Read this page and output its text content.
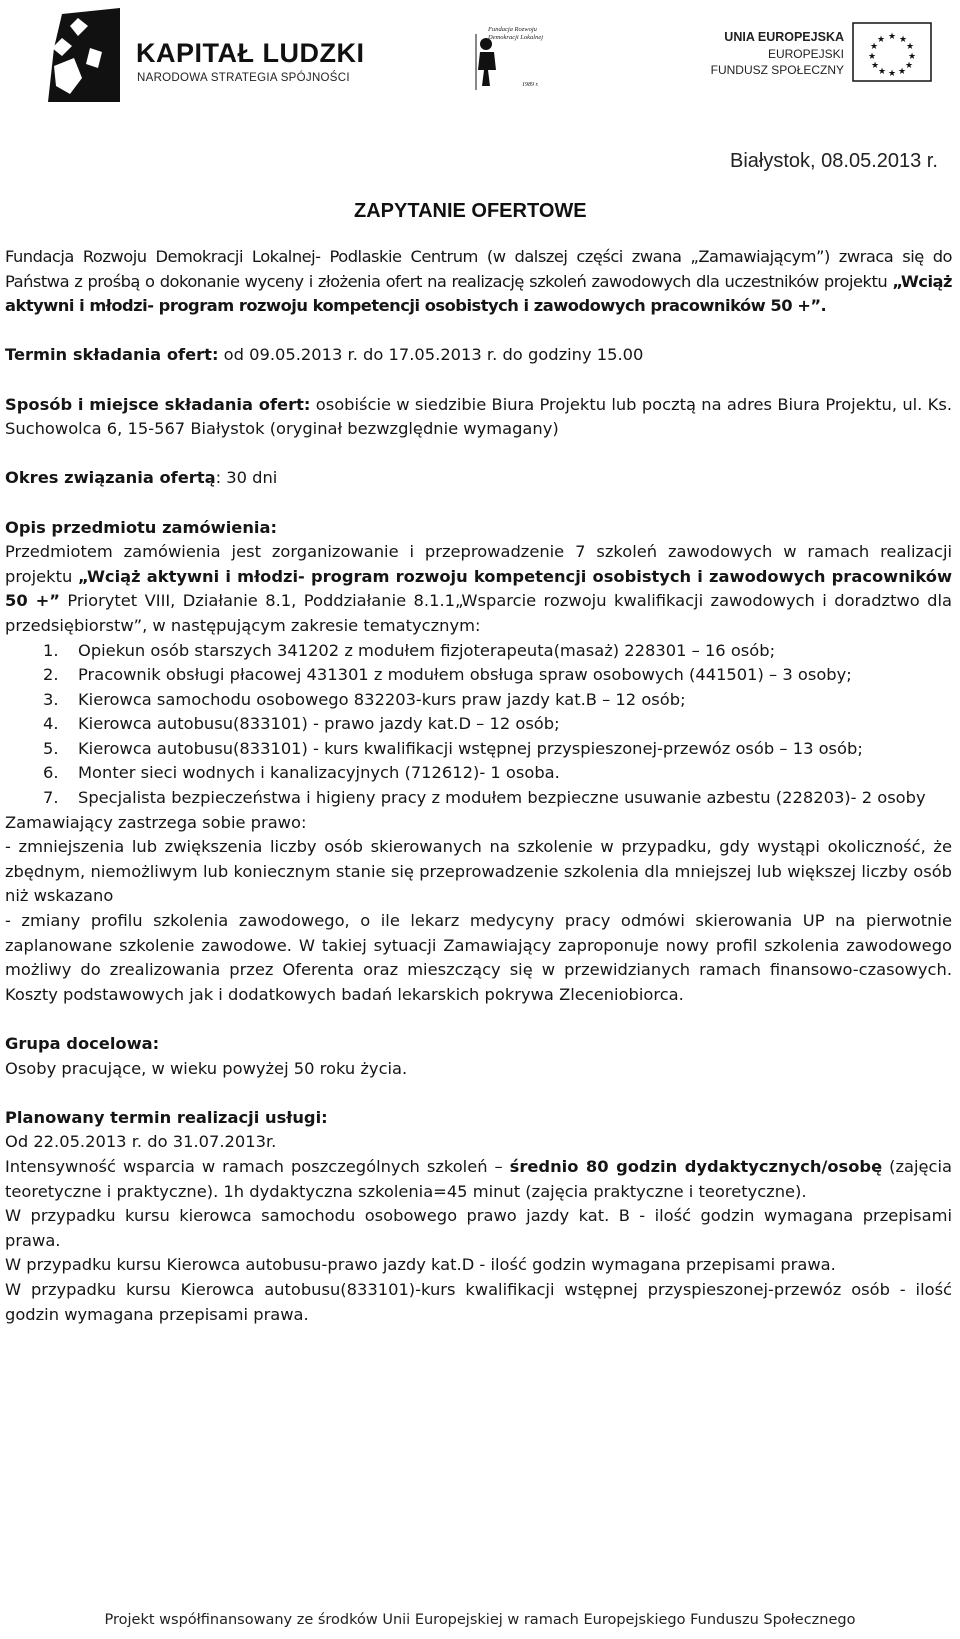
KAPITAŁ LUDZKI
NARODOWA STRATEGIA SPÓJNOŚCI
Fundacja Rozwoju
Demokracji Lokalnej
1989 r.
UNIA EUROPEJSKA
EUROPEJSKI
FUNDUSZ SPOŁECZNY
★ ★
★
★
★
★
★
★
★
★
★
★
Białystok, 08.05.2013 r.
ZAPYTANIE OFERTOWE

Fundacja Rozwoju Demokracji Lokalnej- Podlaskie Centrum (w dalszej części zwana „Zamawiającym”) zwraca się do Państwa z prośbą o dokonanie wyceny i złożenia ofert na realizację szkoleń zawodowych dla uczestników projektu „Wciąż aktywni i młodzi- program rozwoju kompetencji osobistych i zawodowych pracowników 50 +”.

Termin składania ofert: od 09.05.2013 r. do 17.05.2013 r. do godziny 15.00

Sposób i miejsce składania ofert: osobiście w siedzibie Biura Projektu lub pocztą na adres Biura Projektu, ul. Ks. Suchowolca 6, 15-567 Białystok (oryginał bezwzględnie wymagany)

Okres związania ofertą: 30 dni

Opis przedmiotu zamówienia:

Przedmiotem zamówienia jest zorganizowanie i przeprowadzenie 7 szkoleń zawodowych w ramach realizacji projektu „Wciąż aktywni i młodzi- program rozwoju kompetencji osobistych i zawodowych pracowników 50 +” Priorytet VIII, Działanie 8.1, Poddziałanie 8.1.1„Wsparcie rozwoju kwalifikacji zawodowych i doradztwo dla przedsiębiorstw”, w następującym zakresie tematycznym:

1. Opiekun osób starszych 341202 z modułem fizjoterapeuta(masaż) 228301 – 16 osób;
2. Pracownik obsługi płacowej 431301 z modułem obsługa spraw osobowych (441501) – 3 osoby;
3. Kierowca samochodu osobowego 832203-kurs praw jazdy kat.B – 12 osób;
4. Kierowca autobusu(833101) - prawo jazdy kat.D – 12 osób;
5. Kierowca autobusu(833101) - kurs kwalifikacji wstępnej przyspieszonej-przewóz osób – 13 osób;
6. Monter sieci wodnych i kanalizacyjnych (712612)- 1 osoba.
7. Specjalista bezpieczeństwa i higieny pracy z modułem bezpieczne usuwanie azbestu (228203)- 2 osoby

Zamawiający zastrzega sobie prawo:

- zmniejszenia lub zwiększenia liczby osób skierowanych na szkolenie w przypadku, gdy wystąpi okoliczność, że zbędnym, niemożliwym lub koniecznym stanie się przeprowadzenie szkolenia dla mniejszej lub większej liczby osób niż wskazano

- zmiany profilu szkolenia zawodowego, o ile lekarz medycyny pracy odmówi skierowania UP na pierwotnie zaplanowane szkolenie zawodowe. W takiej sytuacji Zamawiający zaproponuje nowy profil szkolenia zawodowego możliwy do zrealizowania przez Oferenta oraz mieszczący się w przewidzianych ramach finansowo-czasowych. Koszty podstawowych jak i dodatkowych badań lekarskich pokrywa Zleceniobiorca.

Grupa docelowa:

Osoby pracujące, w wieku powyżej 50 roku życia.

Planowany termin realizacji usługi:

Od 22.05.2013 r. do 31.07.2013r.

Intensywność wsparcia w ramach poszczególnych szkoleń – średnio 80 godzin dydaktycznych/osobę (zajęcia teoretyczne i praktyczne). 1h dydaktyczna szkolenia=45 minut (zajęcia praktyczne i teoretyczne).

W przypadku kursu kierowca samochodu osobowego prawo jazdy kat. B - ilość godzin wymagana przepisami prawa.

W przypadku kursu Kierowca autobusu-prawo jazdy kat.D - ilość godzin wymagana przepisami prawa.

W przypadku kursu Kierowca autobusu(833101)-kurs kwalifikacji wstępnej przyspieszonej-przewóz osób - ilość godzin wymagana przepisami prawa.

Projekt współfinansowany ze środków Unii Europejskiej w ramach Europejskiego Funduszu Społecznego
